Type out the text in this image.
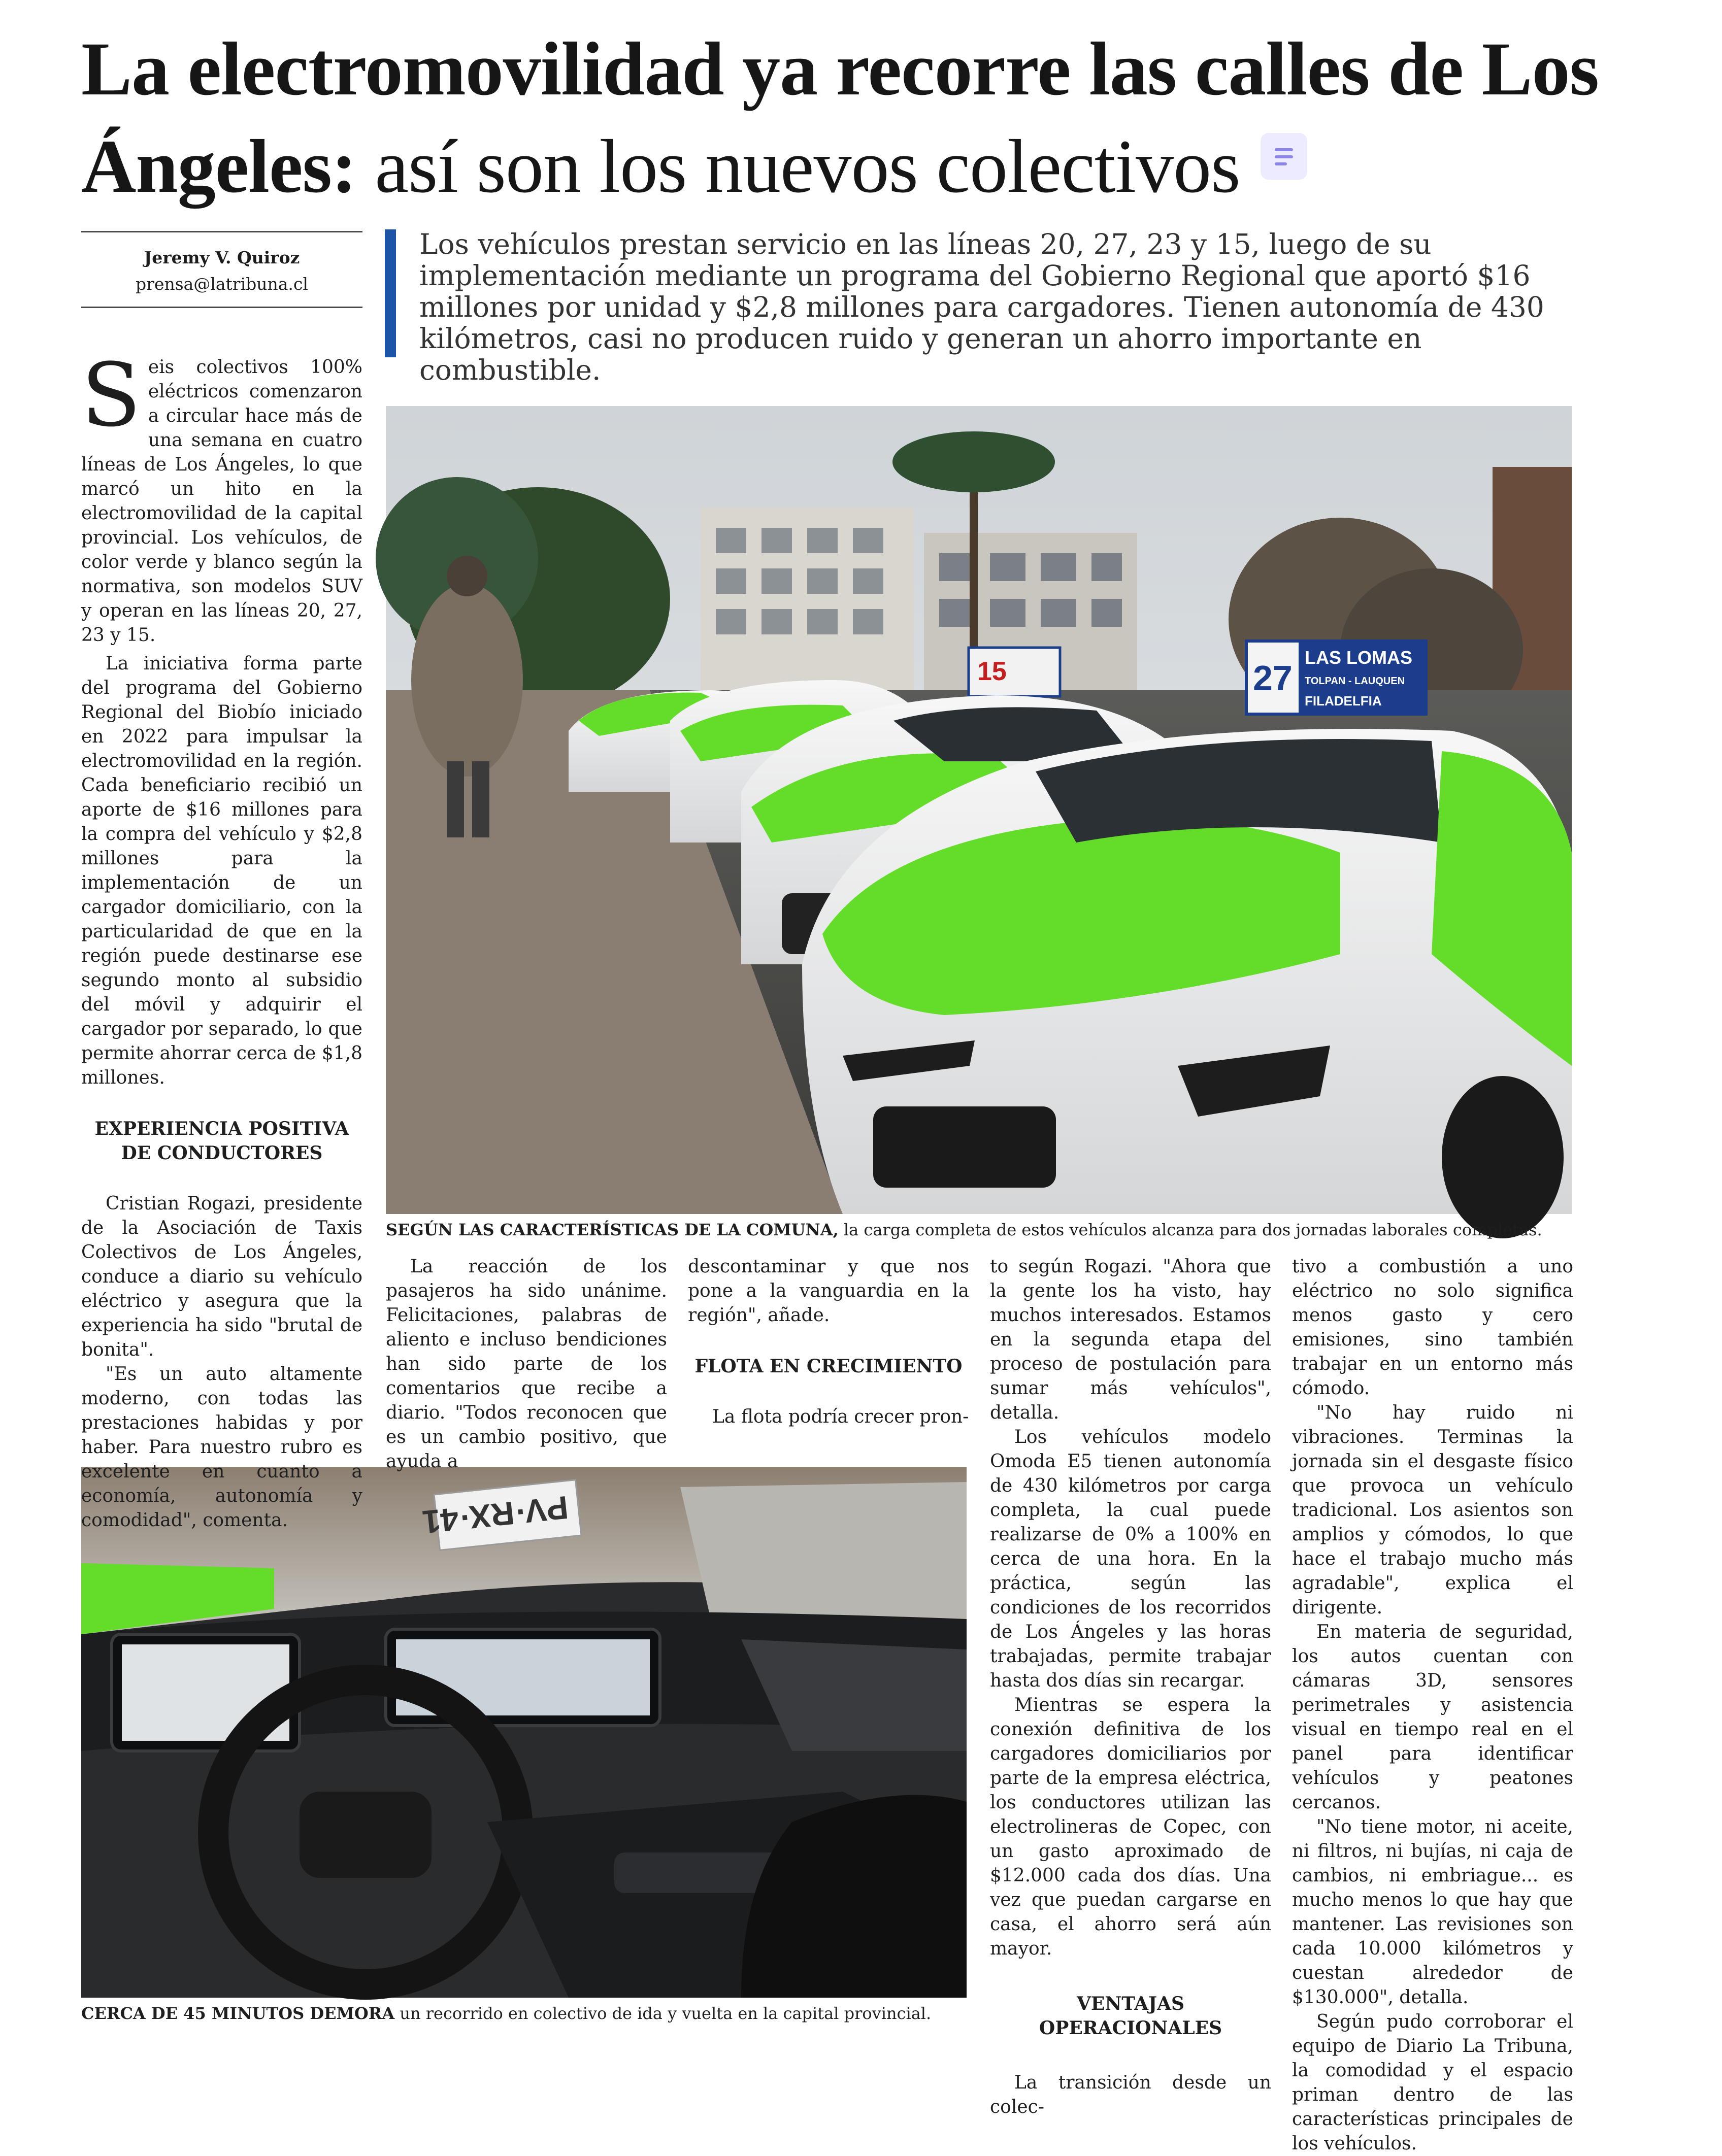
La electromovilidad ya recorre las calles de Los Ángeles: así son los nuevos colectivos
Jeremy V. Quiroz
prensa@latribuna.cl

Los vehículos prestan servicio en las líneas 20, 27, 23 y 15, luego de su implementación mediante un programa del Gobierno Regional que aportó $16 millones por unidad y $2,8 millones para cargadores. Tienen autonomía de 430 kilómetros, casi no producen ruido y generan un ahorro importante en combustible.

15	27
LAS LOMAS
TOLPAN - LAUQUEN
FILADELFIA

SEGÚN LAS CARACTERÍSTICAS DE LA COMUNA, la carga completa de estos vehículos alcanza para dos jornadas laborales completas.

PV·RX·41

CERCA DE 45 MINUTOS DEMORA un recorrido en colectivo de ida y vuelta en la capital provincial.

Seis colectivos 100% eléctricos comenzaron a circular hace más de una semana en cuatro líneas de Los Ángeles, lo que marcó un hito en la electromovilidad de la capital provincial. Los vehículos, de color verde y blanco según la normativa, son modelos SUV y operan en las líneas 20, 27, 23 y 15.

La iniciativa forma parte del programa del Gobierno Regional del Biobío iniciado en 2022 para impulsar la electromovilidad en la región. Cada beneficiario recibió un aporte de $16 millones para la compra del vehículo y $2,8 millones para la implementación de un cargador domiciliario, con la particularidad de que en la región puede destinarse ese segundo monto al subsidio del móvil y adquirir el cargador por separado, lo que permite ahorrar cerca de $1,8 millones.

EXPERIENCIA POSITIVA DE CONDUCTORES

Cristian Rogazi, presidente de la Asociación de Taxis Colectivos de Los Ángeles, conduce a diario su vehículo eléctrico y asegura que la experiencia ha sido "brutal de bonita".

"Es un auto altamente moderno, con todas las prestaciones habidas y por haber. Para nuestro rubro es excelente en cuanto a economía, autonomía y comodidad", comenta.

La reacción de los pasajeros ha sido unánime. Felicitaciones, palabras de aliento e incluso bendiciones han sido parte de los comentarios que recibe a diario. "Todos reconocen que es un cambio positivo, que ayuda a

descontaminar y que nos pone a la vanguardia en la región", añade.

FLOTA EN CRECIMIENTO

La flota podría crecer pron-

to según Rogazi. "Ahora que la gente los ha visto, hay muchos interesados. Estamos en la segunda etapa del proceso de postulación para sumar más vehículos", detalla.

Los vehículos modelo Omoda E5 tienen autonomía de 430 kilómetros por carga completa, la cual puede realizarse de 0% a 100% en cerca de una hora. En la práctica, según las condiciones de los recorridos de Los Ángeles y las horas trabajadas, permite trabajar hasta dos días sin recargar.

Mientras se espera la conexión definitiva de los cargadores domiciliarios por parte de la empresa eléctrica, los conductores utilizan las electrolineras de Copec, con un gasto aproximado de $12.000 cada dos días. Una vez que puedan cargarse en casa, el ahorro será aún mayor.

VENTAJAS OPERACIONALES

La transición desde un colec-

tivo a combustión a uno eléctrico no solo significa menos gasto y cero emisiones, sino también trabajar en un entorno más cómodo.

"No hay ruido ni vibraciones. Terminas la jornada sin el desgaste físico que provoca un vehículo tradicional. Los asientos son amplios y cómodos, lo que hace el trabajo mucho más agradable", explica el dirigente.

En materia de seguridad, los autos cuentan con cámaras 3D, sensores perimetrales y asistencia visual en tiempo real en el panel para identificar vehículos y peatones cercanos.

"No tiene motor, ni aceite, ni filtros, ni bujías, ni caja de cambios, ni embriague... es mucho menos lo que hay que mantener. Las revisiones son cada 10.000 kilómetros y cuestan alrededor de $130.000", detalla.

Según pudo corroborar el equipo de Diario La Tribuna, la comodidad y el espacio priman dentro de las características principales de los vehículos.
